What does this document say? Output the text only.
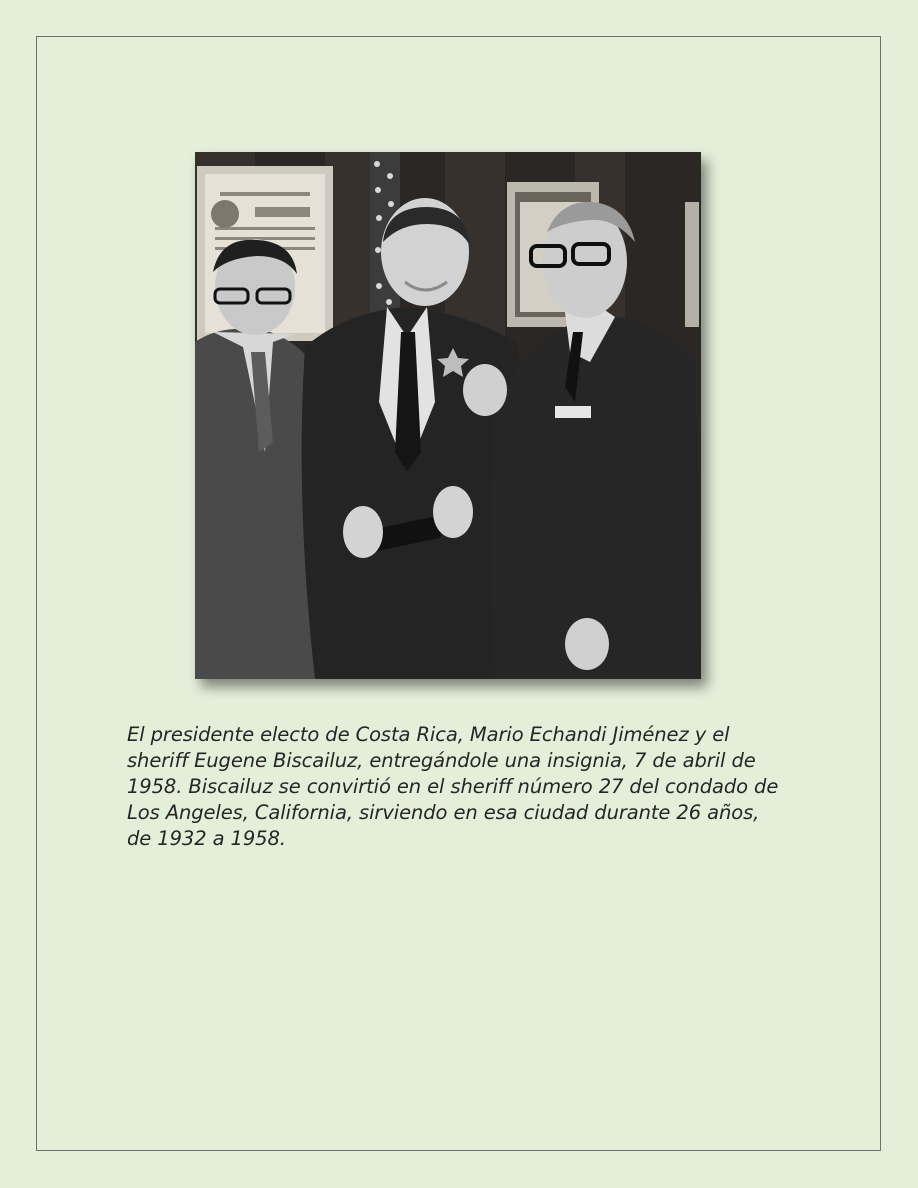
El presidente electo de Costa Rica, Mario Echandi Jiménez y el sheriff Eugene Biscailuz, entregándole una insignia, 7 de abril de 1958. Biscailuz se convirtió en el sheriff número 27 del condado de Los Angeles, California, sirviendo en esa ciudad durante 26 años, de 1932 a 1958.
